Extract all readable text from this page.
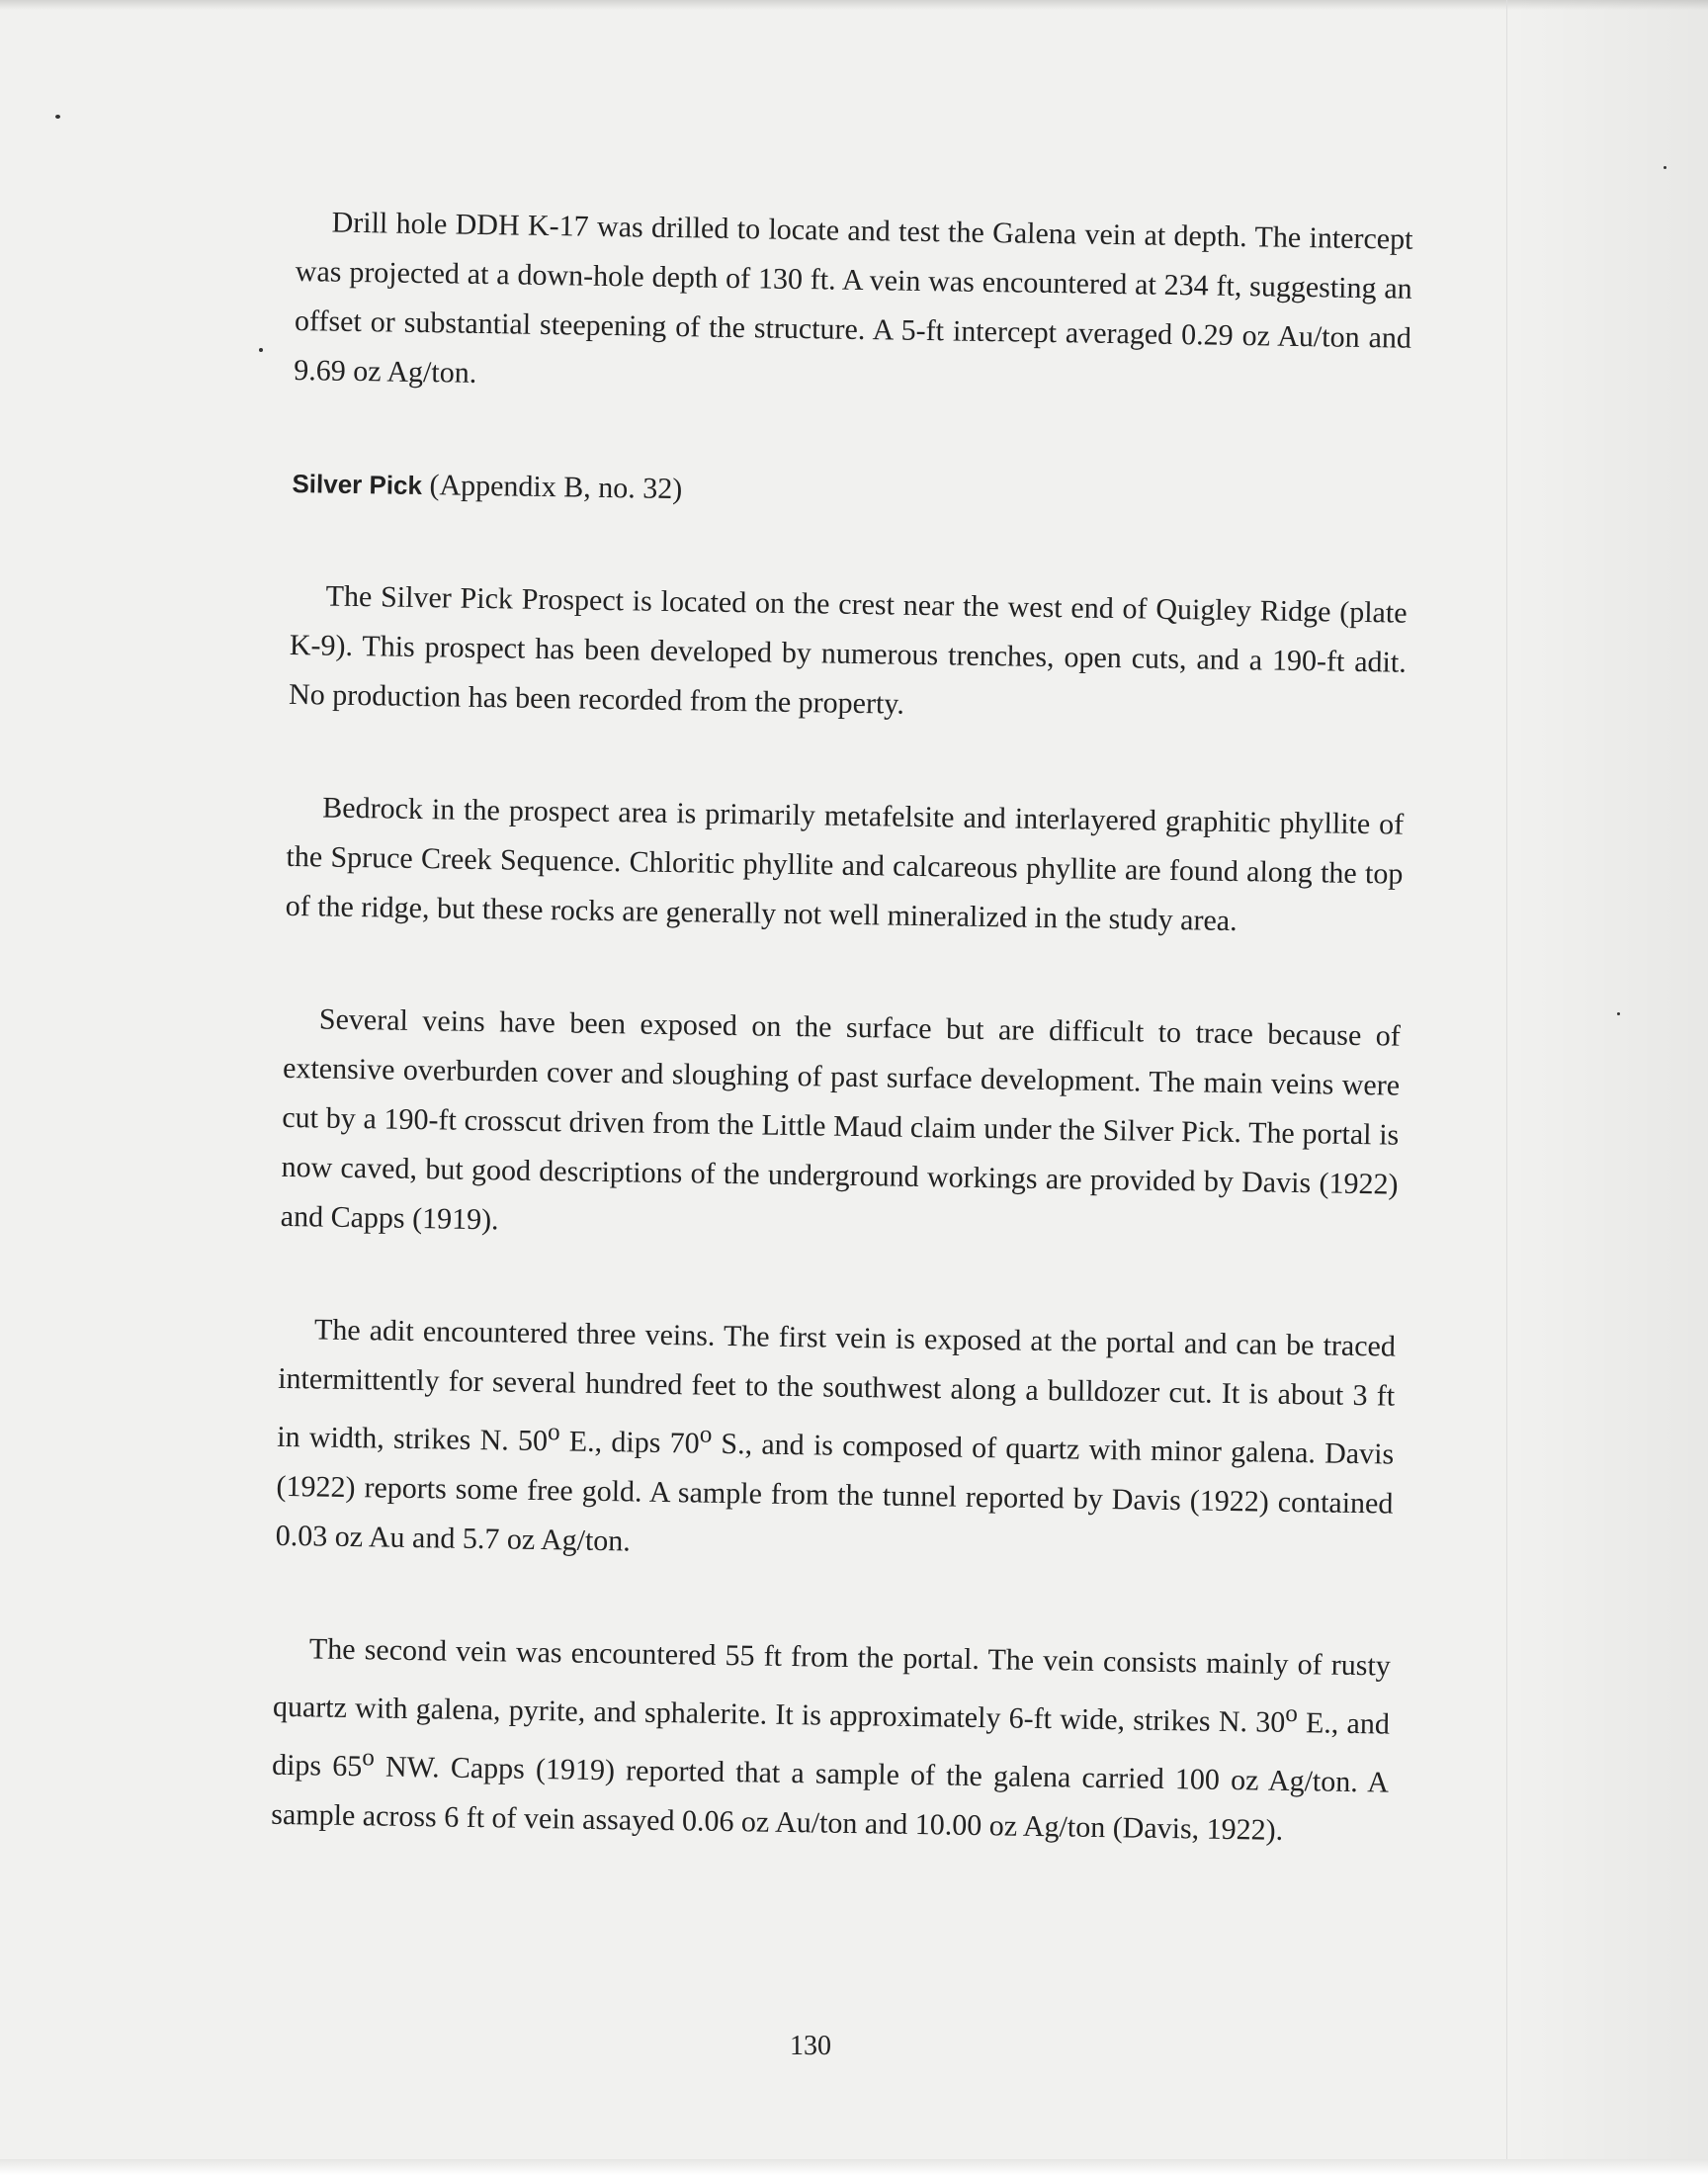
Drill hole DDH K-17 was drilled to locate and test the Galena vein at depth. The intercept was projected at a down-hole depth of 130 ft. A vein was encountered at 234 ft, suggesting an offset or substantial steepening of the structure. A 5-ft intercept averaged 0.29 oz Au/ton and 9.69 oz Ag/ton.

Silver Pick (Appendix B, no. 32)

The Silver Pick Prospect is located on the crest near the west end of Quigley Ridge (plate K-9). This prospect has been developed by numerous trenches, open cuts, and a 190-ft adit. No production has been recorded from the property.

Bedrock in the prospect area is primarily metafelsite and interlayered graphitic phyllite of the Spruce Creek Sequence. Chloritic phyllite and calcareous phyllite are found along the top of the ridge, but these rocks are generally not well mineralized in the study area.

Several veins have been exposed on the surface but are difficult to trace because of extensive overburden cover and sloughing of past surface development. The main veins were cut by a 190-ft crosscut driven from the Little Maud claim under the Silver Pick. The portal is now caved, but good descriptions of the underground workings are provided by Davis (1922) and Capps (1919).

The adit encountered three veins. The first vein is exposed at the portal and can be traced intermittently for several hundred feet to the southwest along a bulldozer cut. It is about 3 ft in width, strikes N. 50$^o$ E., dips 70$^o$ S., and is composed of quartz with minor galena. Davis (1922) reports some free gold. A sample from the tunnel reported by Davis (1922) contained 0.03 oz Au and 5.7 oz Ag/ton.

The second vein was encountered 55 ft from the portal. The vein consists mainly of rusty quartz with galena, pyrite, and sphalerite. It is approximately 6-ft wide, strikes N. 30$^o$ E., and dips 65$^o$ NW. Capps (1919) reported that a sample of the galena carried 100 oz Ag/ton. A sample across 6 ft of vein assayed 0.06 oz Au/ton and 10.00 oz Ag/ton (Davis, 1922).

130
